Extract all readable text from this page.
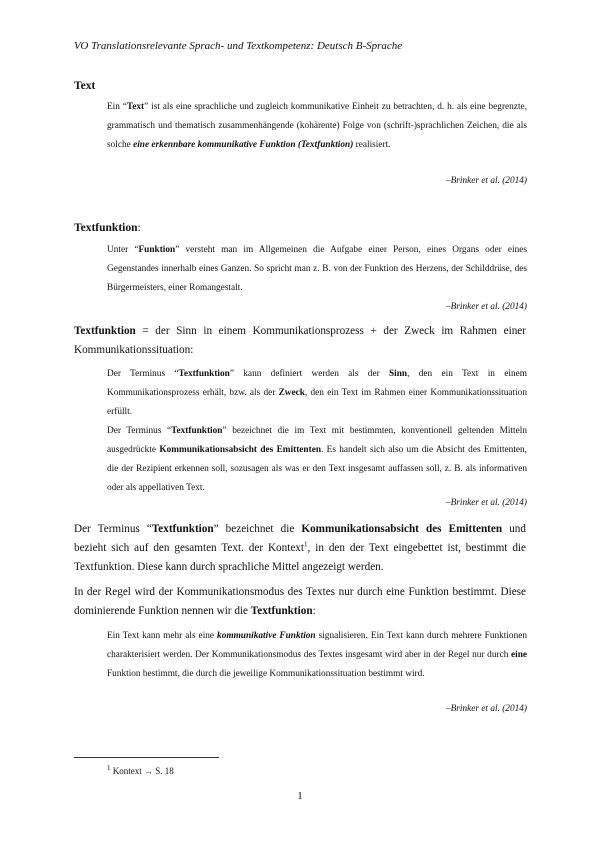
VO Translationsrelevante Sprach- und Textkompetenz: Deutsch B-Sprache
Text

Ein “Text” ist als eine sprachliche und zugleich kommunikative Einheit zu betrachten, d. h. als eine begrenzte, grammatisch und thematisch zusammenhängende (kohärente) Folge von (schrift-)sprachlichen Zeichen, die als solche eine erkennbare kommunikative Funktion (Textfunktion) realisiert.

–Brinker et al. (2014)
Textfunktion:

Unter “Funktion” versteht man im Allgemeinen die Aufgabe einer Person, eines Organs oder eines Gegenstandes innerhalb eines Ganzen. So spricht man z. B. von der Funktion des Herzens, der Schilddrüse, des Bürgermeisters, einer Romangestalt.

–Brinker et al. (2014)

Textfunktion = der Sinn in einem Kommunikationsprozess + der Zweck im Rahmen einer Kommunikationssituation:

Der Terminus “Textfunktion” kann definiert werden als der Sinn, den ein Text in einem Kommunikationsprozess erhält, bzw. als der Zweck, den ein Text im Rahmen einer Kommunikationssituation erfüllt.

Der Terminus “Textfunktion” bezeichnet die im Text mit bestimmten, konventionell geltenden Mitteln ausgedrückte Kommunikationsabsicht des Emittenten. Es handelt sich also um die Absicht des Emittenten, die der Rezipient erkennen soll, sozusagen als was er den Text insgesamt auffassen soll, z. B. als informativen oder als appellativen Text.

–Brinker et al. (2014)

Der Terminus “Textfunktion” bezeichnet die Kommunikationsabsicht des Emittenten und bezieht sich auf den gesamten Text. der Kontext$^1$, in den der Text eingebettet ist, bestimmt die Textfunktion. Diese kann durch sprachliche Mittel angezeigt werden.

In der Regel wird der Kommunikationsmodus des Textes nur durch eine Funktion bestimmt. Diese dominierende Funktion nennen wir die Textfunktion:

Ein Text kann mehr als eine kommunikative Funktion signalisieren. Ein Text kann durch mehrere Funktionen charakterisiert werden. Der Kommunikationsmodus des Textes insgesamt wird aber in der Regel nur durch eine Funktion bestimmt, die durch die jeweilige Kommunikationssituation bestimmt wird.

–Brinker et al. (2014)
$^1$ Kontext → S. 18
1
